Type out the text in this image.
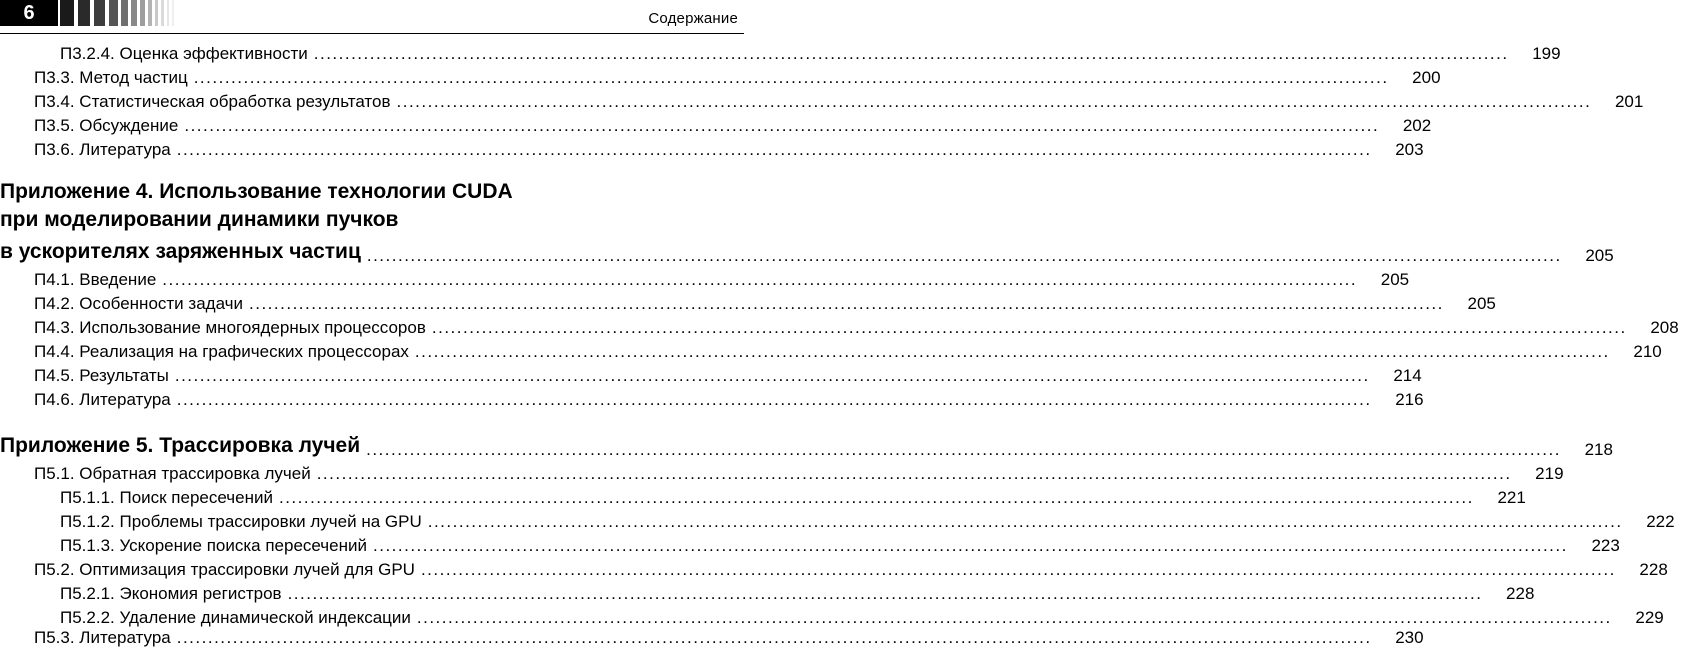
6	Содержание
П3.2.4. Оценка эффективности ................................................................................................................................................................................................	199
П3.3. Метод частиц ................................................................................................................................................................................................	200
П3.4. Статистическая обработка результатов ................................................................................................................................................................................................	201
П3.5. Обсуждение ................................................................................................................................................................................................	202
П3.6. Литература ................................................................................................................................................................................................	203
Приложение 4. Использование технологии CUDA
при моделировании динамики пучков
в ускорителях заряженных частиц ................................................................................................................................................................................................	205
П4.1. Введение ................................................................................................................................................................................................	205
П4.2. Особенности задачи ................................................................................................................................................................................................	205
П4.3. Использование многоядерных процессоров ................................................................................................................................................................................................	208
П4.4. Реализация на графических процессорах ................................................................................................................................................................................................	210
П4.5. Результаты ................................................................................................................................................................................................	214
П4.6. Литература ................................................................................................................................................................................................	216
Приложение 5. Трассировка лучей ................................................................................................................................................................................................	218
П5.1. Обратная трассировка лучей ................................................................................................................................................................................................	219
П5.1.1. Поиск пересечений ................................................................................................................................................................................................	221
П5.1.2. Проблемы трассировки лучей на GPU ................................................................................................................................................................................................	222
П5.1.3. Ускорение поиска пересечений ................................................................................................................................................................................................	223
П5.2. Оптимизация трассировки лучей для GPU ................................................................................................................................................................................................	228
П5.2.1. Экономия регистров ................................................................................................................................................................................................	228
П5.2.2. Удаление динамической индексации ................................................................................................................................................................................................	229
П5.3. Литература ................................................................................................................................................................................................	230
